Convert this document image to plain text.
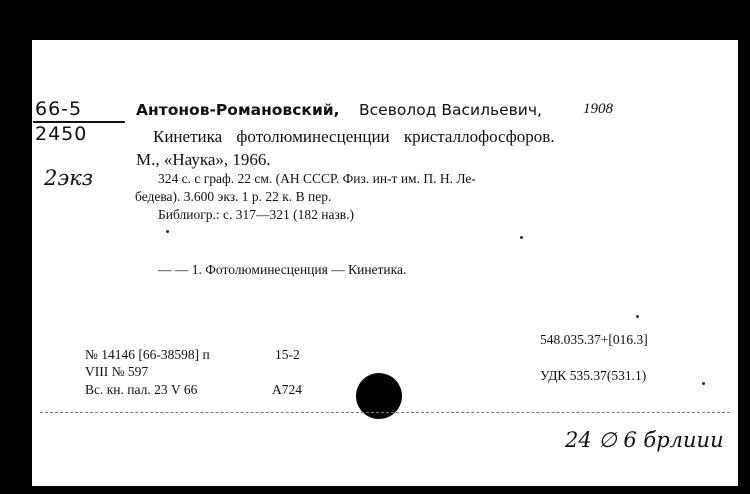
66-5
2450
2экз
Антонов-Романовский, Всеволод Васильевич,	1908
Кинетика фотолюминесценции кристаллофосфоров.
М., «Наука», 1966.
324 с. с граф. 22 см. (АН СССР. Физ. ин-т им. П. Н. Ле-
бедева). 3.600 экз. 1 р. 22 к. В пер.
Библиогр.: с. 317—321 (182 назв.)
— — 1. Фотолюминесценция — Кинетика.
№ 14146 [66-38598] п	15-2
VIII № 597
Вс. кн. пал. 23 V 66	А724
548.035.37+[016.3]
УДК 535.37(531.1)
24 ∅ 6 брлиии
